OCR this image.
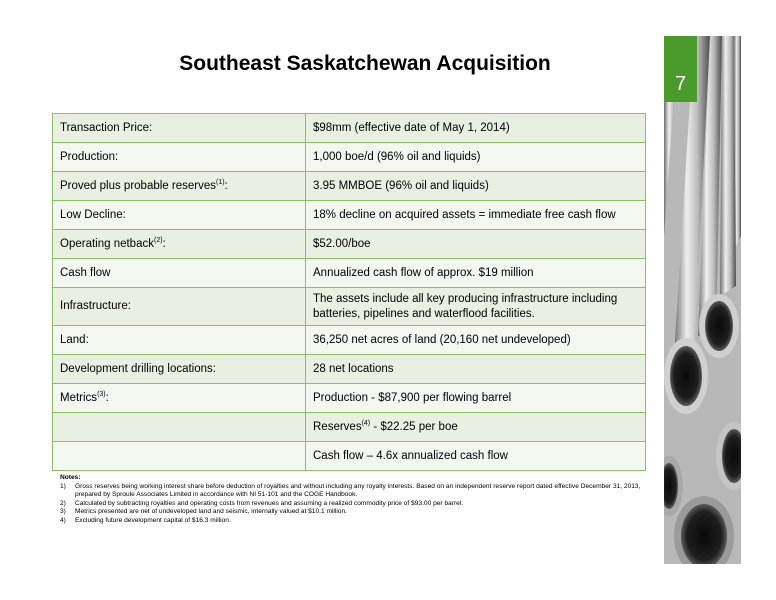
Southeast Saskatchewan Acquisition
Transaction Price:	$98mm (effective date of May 1, 2014)
Production:	1,000 boe/d (96% oil and liquids)
Proved plus probable reserves$^{(1)}$:	3.95 MMBOE (96% oil and liquids)
Low Decline:	18% decline on acquired assets = immediate free cash flow
Operating netback$^{(2)}$:	$52.00/boe
Cash flow	Annualized cash flow of approx. $19 million
Infrastructure:	The assets include all key producing infrastructure including batteries, pipelines and waterflood facilities.
Land:	36,250 net acres of land (20,160 net undeveloped)
Development drilling locations:	28 net locations
Metrics$^{(3)}$:	Production - $87,900 per flowing barrel
	Reserves$^{(4)}$ - $22.25 per boe
	Cash flow – 4.6x annualized cash flow
Notes:
1)	Gross reserves being working interest share before deduction of royalties and without including any royalty interests. Based on an independent reserve report dated effective December 31, 2013, prepared by Sproule Associates Limited in accordance with NI 51-101 and the COGE Handbook.
2)	Calculated by subtracting royalties and operating costs from revenues and assuming a realized commodity price of $93.00 per barrel.
3)	Metrics presented are net of undeveloped land and seismic, internally valued at $10.1 million.
4)	Excluding future development capital of $16.3 million.
7
